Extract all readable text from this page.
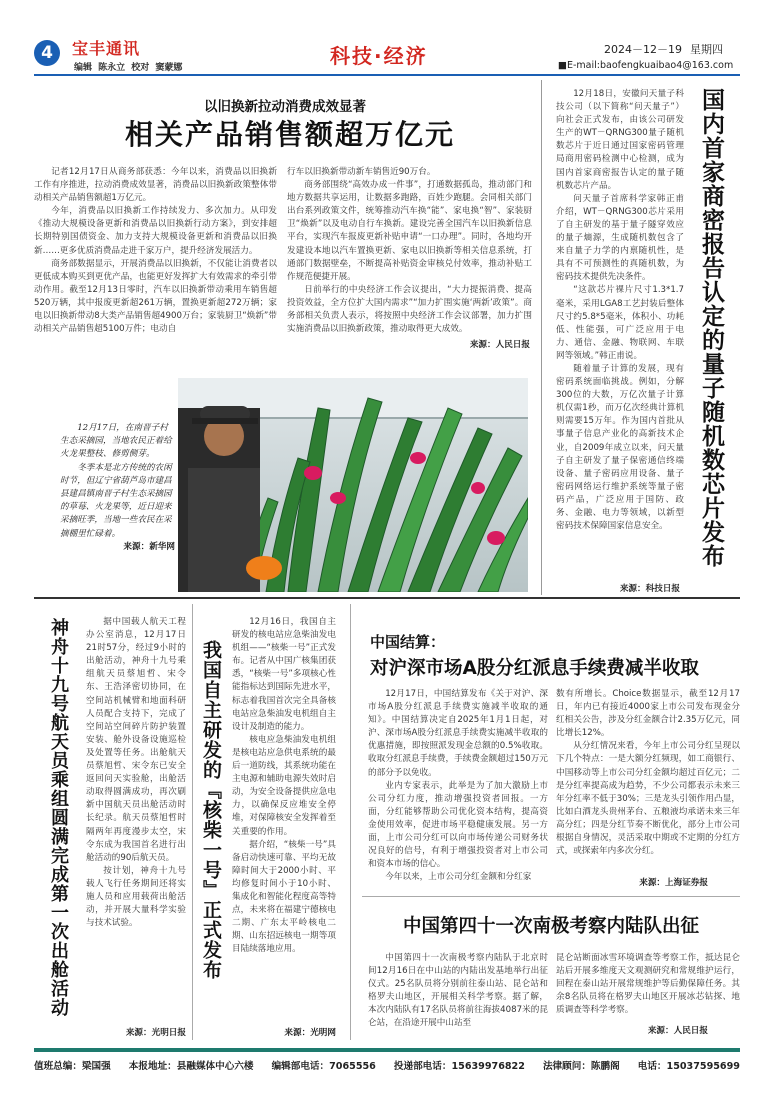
4	宝丰通讯
编辑 陈永立 校对 窦蒙娜	科技·经济	2024－12－19 星期四
■E-mail:baofengkuaibao4@163.com
以旧换新拉动消费成效显著
相关产品销售额超万亿元

记者12月17日从商务部获悉：今年以来，消费品以旧换新工作有序推进，拉动消费成效显著，消费品以旧换新政策整体带动相关产品销售额超1万亿元。

今年，消费品以旧换新工作持续发力、多次加力。从印发《推动大规模设备更新和消费品以旧换新行动方案》，到安排超长期特别国债资金、加力支持大规模设备更新和消费品以旧换新……更多优质消费品走进千家万户，提升经济发展活力。

商务部数据显示，开展消费品以旧换新，不仅能让消费者以更低成本购买到更优产品，也能更好发挥扩大有效需求的牵引带动作用。截至12月13日零时，汽车以旧换新带动乘用车销售超520万辆，其中报废更新超261万辆，置换更新超272万辆；家电以旧换新带动8大类产品销售超4900万台；家装厨卫“焕新”带动相关产品销售超5100万件；电动自

行车以旧换新带动新车销售近90万台。

商务部围绕“高效办成一件事”，打通数据孤岛，推动部门和地方数据共享运用，让数据多跑路，百姓少跑腿。会同相关部门出台系列政策文件，统筹推动汽车换“能”、家电换“智”、家装厨卫“焕新”以及电动自行车换新。建设完善全国汽车以旧换新信息平台，实现汽车报废更新补贴申请“一口办理”。同时，各地均开发建设本地以汽车置换更新、家电以旧换新等相关信息系统，打通部门数据壁垒，不断提高补贴资金审核兑付效率，推动补贴工作规范便捷开展。

日前举行的中央经济工作会议提出，“大力提振消费、提高投资效益，全方位扩大国内需求”“加力扩围实施‘两新’政策”。商务部相关负责人表示，将按照中央经济工作会议部署，加力扩围实施消费品以旧换新政策，推动取得更大成效。

来源：人民日报
12月17日，在南晋子村生态采摘园，当地农民正着给火龙果整枝、修剪侧芽。
冬季本是北方传统的农闲时节，但辽宁省葫芦岛市建昌县建昌镇南晋子村生态采摘园的草莓、火龙果等，近日迎来采摘旺季，当地一些农民在采摘棚里忙碌着。
来源：新华网

12月18日，安徽问天量子科技公司（以下简称“问天量子”）向社会正式发布，由该公司研发生产的WT－QRNG300量子随机数芯片于近日通过国家密码管理局商用密码检测中心检测，成为国内首家商密报告认定的量子随机数芯片产品。

问天量子首席科学家韩正甫介绍，WT－QRNG300芯片采用了自主研发的基于量子隧穿效应的量子熵源，生成随机数包含了来自量子力学的内禀随机性，是具有不可预测性的真随机数，为密码技术提供先决条件。

“这款芯片裸片尺寸1.3*1.7毫米，采用LGA8工艺封装后整体尺寸约5.8*5毫米，体积小、功耗低、性能强，可广泛应用于电力、通信、金融、物联网、车联网等领域。”韩正甫说。

随着量子计算的发展，现有密码系统面临挑战。例如，分解300位的大数，万亿次量子计算机仅需1秒，而万亿次经典计算机则需要15万年。作为国内首批从事量子信息产业化的高新技术企业，自2009年成立以来，问天量子自主研发了量子保密通信终端设备、量子密码应用设备、量子密码网络运行维护系统等量子密码产品，广泛应用于国防、政务、金融、电力等领域，以新型密码技术保障国家信息安全。	国内首家商密报告认定的量子随机数芯片发布
来源：科技日报
神舟十九号航天员乘组圆满完成第一次出舱活动	据中国载人航天工程办公室消息，12月17日21时57分，经过9小时的出舱活动，神舟十九号乘组航天员蔡旭哲、宋令东、王浩泽密切协同，在空间站机械臂和地面科研人员配合支持下，完成了空间站空间碎片防护装置安装、舱外设备设施巡检及处置等任务。出舱航天员蔡旭哲、宋令东已安全返回问天实验舱，出舱活动取得圆满成功，再次刷新中国航天员出舱活动时长纪录。航天员蔡旭哲时隔两年再度漫步太空，宋令东成为我国首名进行出舱活动的90后航天员。

按计划，神舟十九号载人飞行任务期间还将实施人员和应用载荷出舱活动，并开展大量科学实验与技术试验。

来源：光明日报
我国自主研发的『核柴一号』正式发布

12月16日，我国自主研发的核电站应急柴油发电机组——“核柴一号”正式发布。记者从中国广核集团获悉，“核柴一号”多项核心性能指标达到国际先进水平，标志着我国首次完全具备核电站应急柴油发电机组自主设计及制造的能力。

核电应急柴油发电机组是核电站应急供电系统的最后一道防线，其系统功能在主电源和辅助电源失效时启动，为安全设备提供应急电力，以确保反应堆安全停堆，对保障核安全发挥着至关重要的作用。

据介绍，“核柴一号”具备启动快速可靠、平均无故障时间大于2000小时、平均修复时间小于10小时、集成化和智能化程度高等特点，未来将在福建宁德核电二期、广东太平岭核电二期、山东招远核电一期等项目陆续落地应用。

来源：光明网
中国结算：
对沪深市场A股分红派息手续费减半收取

12月17日，中国结算发布《关于对沪、深市场A股分红派息手续费实施减半收取的通知》。中国结算决定自2025年1月1日起，对沪、深市场A股分红派息手续费实施减半收取的优惠措施，即按照派发现金总额的0.5%收取。收取分红派息手续费，手续费金额超过150万元的部分予以免收。

业内专家表示，此举是为了加大激励上市公司分红力度，推动增强投资者回报。一方面，分红能够帮助公司优化资本结构，提高资金使用效率，促进市场平稳健康发展。另一方面，上市公司分红可以向市场传递公司财务状况良好的信号，有利于增强投资者对上市公司和资本市场的信心。

今年以来，上市公司分红金额和分红家

数有所增长。Choice数据显示，截至12月17日，年内已有接近4000家上市公司发布现金分红相关公告，涉及分红金额合计2.35万亿元，同比增长12%。

从分红情况来看，今年上市公司分红呈现以下几个特点：一是大额分红频现，如工商银行、中国移动等上市公司分红金额均超过百亿元；二是分红率提高成为趋势，不少公司都表示未来三年分红率不低于30%；三是龙头引领作用凸显，比如白酒龙头贵州茅台、五粮液均承诺未来三年高分红；四是分红节奏不断优化，部分上市公司根据自身情况，灵活采取中期或不定期的分红方式，或探索年内多次分红。

来源：上海证券报
中国第四十一次南极考察内陆队出征

中国第四十一次南极考察内陆队于北京时间12月16日在中山站的内陆出发基地举行出征仪式。25名队员将分别前往泰山站、昆仑站和格罗夫山地区，开展相关科学考察。据了解，本次内陆队有17名队员将前往海拔4087米的昆仑站，在沿途开展中山站至

昆仑站断面冰雪环境调查等考察工作，抵达昆仑站后开展多维度天文观测研究和常规维护运行，回程在泰山站开展常规维护等后勤保障任务。其余8名队员将在格罗夫山地区开展冰芯钻探、地质调查等科学考察。

来源：人民日报
值班总编：梁国强 本报地址：县融媒体中心六楼 编辑部电话：7065556 投递部电话：15639976822 法律顾问：陈鹏阁 电话：15037595699
